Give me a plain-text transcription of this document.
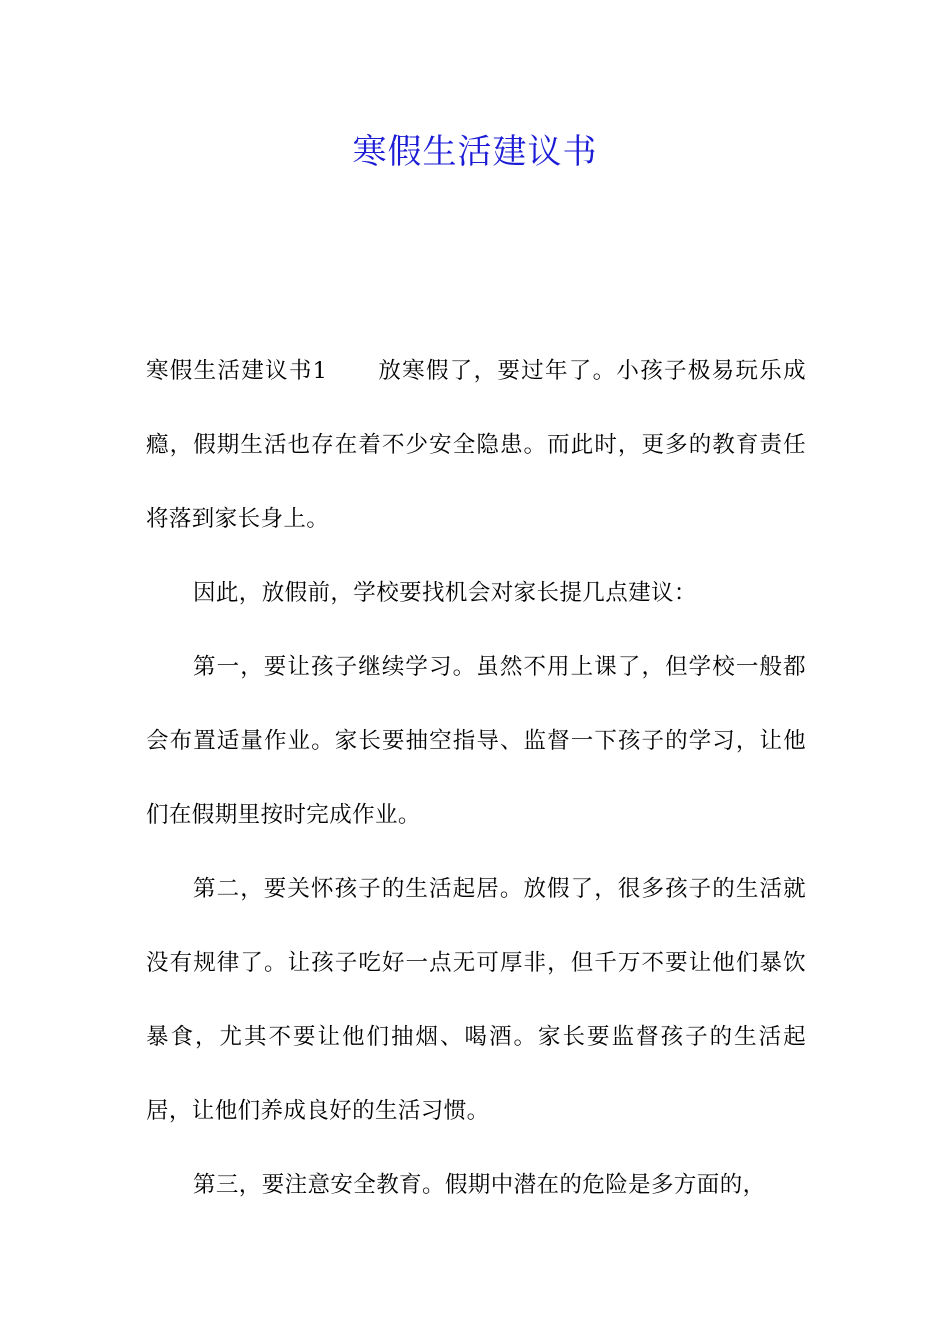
寒假生活建议书

寒假生活建议书1 放寒假了，要过年了。小孩子极易玩乐成瘾，假期生活也存在着不少安全隐患。而此时，更多的教育责任将落到家长身上。

因此，放假前，学校要找机会对家长提几点建议：

第一，要让孩子继续学习。虽然不用上课了，但学校一般都会布置适量作业。家长要抽空指导、监督一下孩子的学习，让他们在假期里按时完成作业。

第二，要关怀孩子的生活起居。放假了，很多孩子的生活就没有规律了。让孩子吃好一点无可厚非，但千万不要让他们暴饮暴食，尤其不要让他们抽烟、喝酒。家长要监督孩子的生活起居，让他们养成良好的生活习惯。

第三，要注意安全教育。假期中潜在的危险是多方面的，
